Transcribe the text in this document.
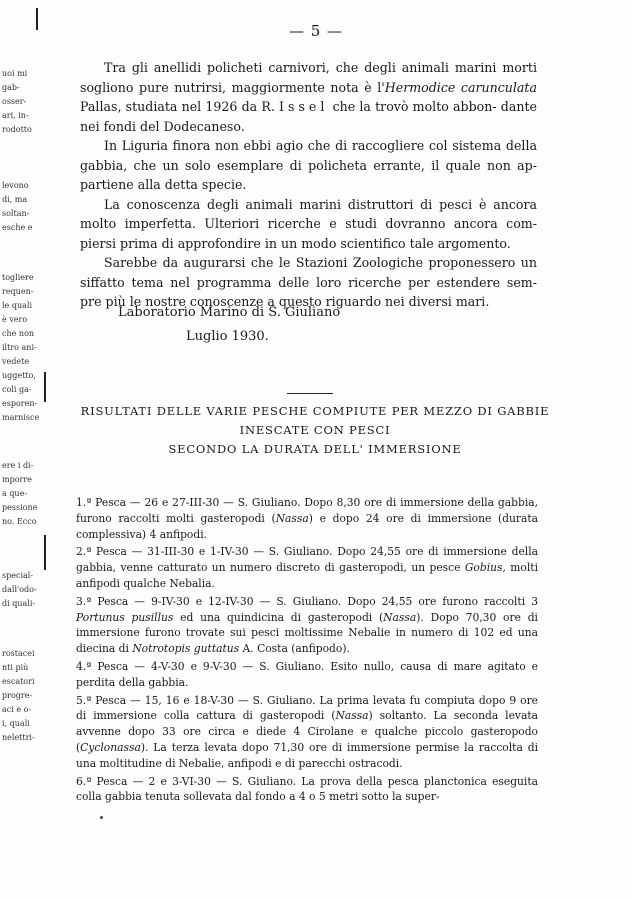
— 5 —
uoi mi
gab-
osser-
ari, in-
rodotto
levono
di, ma
soltan-
esche e
togliere
requen-
le quali
è vero
che non
iltro ani-
vedete
uggetto,
coli ga-
esporen-
marnisce
ere i di-
mporre
a que-
pessione
no. Ecco
special-
dall'odo-
di quali-
rostacei
nti più
escatori
progre-
aci e o-
i, quali
nelettri-

Tra gli anellidi policheti carnivori, che degli animali marini morti sogliono pure nutrirsi, maggiormente nota è l'Hermodice carunculata Pallas, studiata nel 1926 da R. Issel che la trovò molto abbon- dante nei fondi del Dodecaneso.

In Liguria finora non ebbi agio che di raccogliere col sistema della gabbia, che un solo esemplare di policheta errante, il quale non ap- partiene alla detta specie.

La conoscenza degli animali marini distruttori di pesci è ancora molto imperfetta. Ulteriori ricerche e studi dovranno ancora com- piersi prima di approfondire in un modo scientifico tale argomento.

Sarebbe da augurarsi che le Stazioni Zoologiche proponessero un siffatto tema nel programma delle loro ricerche per estendere sem- pre più le nostre conoscenze a questo riguardo nei diversi mari.

Laboratorio Marino di S. Giuliano
Luglio 1930.
RISULTATI DELLE VARIE PESCHE COMPIUTE PER MEZZO DI GABBIE
INESCATE CON PESCI
SECONDO LA DURATA DELL' IMMERSIONE
1.ª Pesca — 26 e 27-III-30 — S. Giuliano. Dopo 8,30 ore di immersione della gabbia, furono raccolti molti gasteropodi (Nassa) e dopo 24 ore di immersione (durata complessiva) 4 anfipodi.
2.ª Pesca — 31-III-30 e 1-IV-30 — S. Giuliano. Dopo 24,55 ore di immersione della gabbia, venne catturato un numero discreto di gasteropodi, un pesce Gobius, molti anfipodi qualche Nebalia.
3.ª Pesca — 9-IV-30 e 12-IV-30 — S. Giuliano. Dopo 24,55 ore furono raccolti 3 Portunus pusillus ed una quindicina di gasteropodi (Nassa). Dopo 70,30 ore di immersione furono trovate sui pesci moltissime Nebalie in numero di 102 ed una diecina di Notrotopis guttatus A. Costa (anfipodo).
4.ª Pesca — 4-V-30 e 9-V-30 — S. Giuliano. Esito nullo, causa di mare agitato e perdita della gabbia.
5.ª Pesca — 15, 16 e 18-V-30 — S. Giuliano. La prima levata fu compiuta dopo 9 ore di immersione colla cattura di gasteropodi (Nassa) soltanto. La seconda levata avvenne dopo 33 ore circa e diede 4 Cirolane e qualche piccolo gasteropodo (Cyclonassa). La terza levata dopo 71,30 ore di immersione permise la raccolta di una moltitudine di Nebalie, anfipodi e di parecchi ostracodi.
6.ª Pesca — 2 e 3-VI-30 — S. Giuliano. La prova della pesca planctonica eseguita colla gabbia tenuta sollevata dal fondo a 4 o 5 metri sotto la super-
